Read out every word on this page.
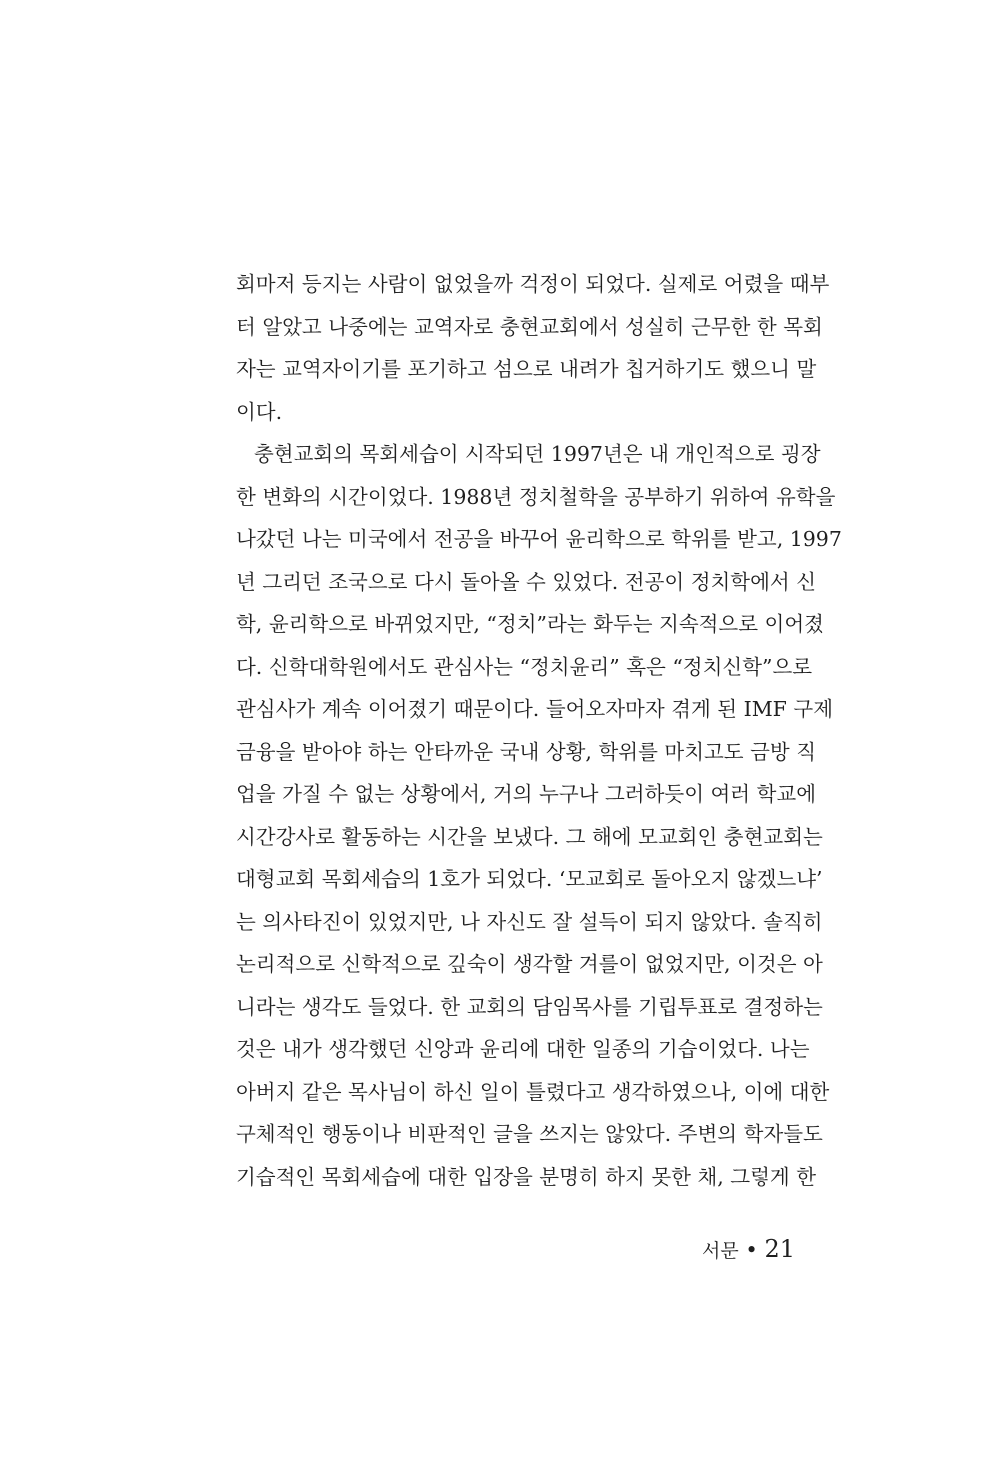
회마저 등지는 사람이 없었을까 걱정이 되었다. 실제로 어렸을 때부
터 알았고 나중에는 교역자로 충현교회에서 성실히 근무한 한 목회
자는 교역자이기를 포기하고 섬으로 내려가 칩거하기도 했으니 말
이다.
충현교회의 목회세습이 시작되던 1997년은 내 개인적으로 굉장
한 변화의 시간이었다. 1988년 정치철학을 공부하기 위하여 유학을
나갔던 나는 미국에서 전공을 바꾸어 윤리학으로 학위를 받고, 1997
년 그리던 조국으로 다시 돌아올 수 있었다. 전공이 정치학에서 신
학, 윤리학으로 바뀌었지만, “정치”라는 화두는 지속적으로 이어졌
다. 신학대학원에서도 관심사는 “정치윤리” 혹은 “정치신학”으로
관심사가 계속 이어졌기 때문이다. 들어오자마자 겪게 된 IMF 구제
금융을 받아야 하는 안타까운 국내 상황, 학위를 마치고도 금방 직
업을 가질 수 없는 상황에서, 거의 누구나 그러하듯이 여러 학교에
시간강사로 활동하는 시간을 보냈다. 그 해에 모교회인 충현교회는
대형교회 목회세습의 1호가 되었다. ‘모교회로 돌아오지 않겠느냐’
는 의사타진이 있었지만, 나 자신도 잘 설득이 되지 않았다. 솔직히
논리적으로 신학적으로 깊숙이 생각할 겨를이 없었지만, 이것은 아
니라는 생각도 들었다. 한 교회의 담임목사를 기립투표로 결정하는
것은 내가 생각했던 신앙과 윤리에 대한 일종의 기습이었다. 나는
아버지 같은 목사님이 하신 일이 틀렸다고 생각하였으나, 이에 대한
구체적인 행동이나 비판적인 글을 쓰지는 않았다. 주변의 학자들도
기습적인 목회세습에 대한 입장을 분명히 하지 못한 채, 그렇게 한
서문 • 21
